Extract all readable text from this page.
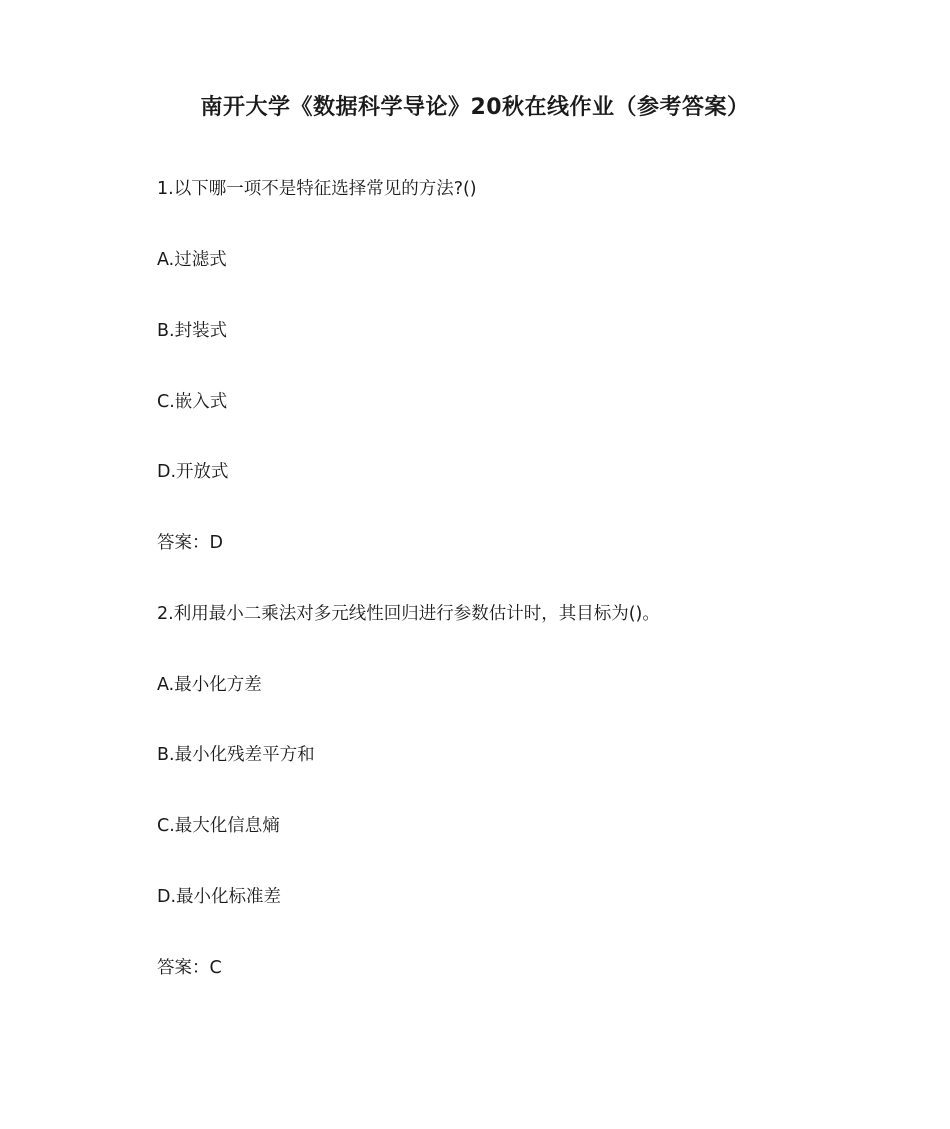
南开大学《数据科学导论》20秋在线作业（参考答案）

1.以下哪一项不是特征选择常见的方法?()

A.过滤式

B.封装式

C.嵌入式

D.开放式

答案：D

2.利用最小二乘法对多元线性回归进行参数估计时，其目标为()。

A.最小化方差

B.最小化残差平方和

C.最大化信息熵

D.最小化标准差

答案：C
